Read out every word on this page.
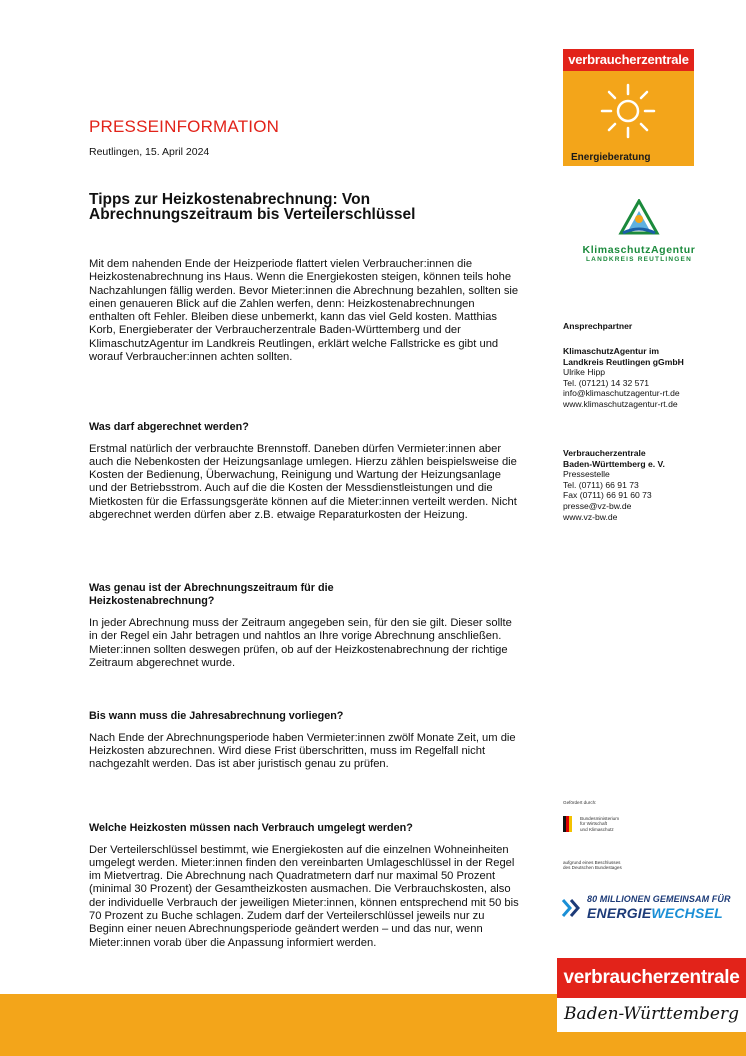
verbraucherzentrale
Energieberatung
KlimaschutzAgentur
LANDKREIS REUTLINGEN
PRESSEINFORMATION
Reutlingen, 15. April 2024
Tipps zur Heizkostenabrechnung: Von Abrechnungszeitraum bis Verteilerschlüssel

Mit dem nahenden Ende der Heizperiode flattert vielen Verbraucher:innen die Heizkostenabrechnung ins Haus. Wenn die Energiekosten steigen, können teils hohe Nachzahlungen fällig werden. Bevor Mieter:innen die Abrechnung bezahlen, sollten sie einen genaueren Blick auf die Zahlen werfen, denn: Heizkostenabrechnungen enthalten oft Fehler. Bleiben diese unbemerkt, kann das viel Geld kosten. Matthias Korb, Energieberater der Verbraucherzentrale Baden-Württemberg und der KlimaschutzAgentur im Landkreis Reutlingen, erklärt welche Fallstricke es gibt und worauf Verbraucher:innen achten sollten.

Was darf abgerechnet werden?

Erstmal natürlich der verbrauchte Brennstoff. Daneben dürfen Vermieter:innen aber auch die Nebenkosten der Heizungsanlage umlegen. Hierzu zählen beispielsweise die Kosten der Bedienung, Überwachung, Reinigung und Wartung der Heizungsanlage und der Betriebsstrom. Auch auf die die Kosten der Messdienstleistungen und die Mietkosten für die Erfassungsgeräte können auf die Mieter:innen verteilt werden. Nicht abgerechnet werden dürfen aber z.B. etwaige Reparaturkosten der Heizung.

Was genau ist der Abrechnungszeitraum für die Heizkostenabrechnung?

In jeder Abrechnung muss der Zeitraum angegeben sein, für den sie gilt. Dieser sollte in der Regel ein Jahr betragen und nahtlos an Ihre vorige Abrechnung anschließen. Mieter:innen sollten deswegen prüfen, ob auf der Heizkostenabrechnung der richtige Zeitraum abgerechnet wurde.

Bis wann muss die Jahresabrechnung vorliegen?

Nach Ende der Abrechnungsperiode haben Vermieter:innen zwölf Monate Zeit, um die Heizkosten abzurechnen. Wird diese Frist überschritten, muss im Regelfall nicht nachgezahlt werden. Das ist aber juristisch genau zu prüfen.

Welche Heizkosten müssen nach Verbrauch umgelegt werden?

Der Verteilerschlüssel bestimmt, wie Energiekosten auf die einzelnen Wohneinheiten umgelegt werden. Mieter:innen finden den vereinbarten Umlageschlüssel in der Regel im Mietvertrag. Die Abrechnung nach Quadratmetern darf nur maximal 50 Prozent (minimal 30 Prozent) der Gesamtheizkosten ausmachen. Die Verbrauchskosten, also der individuelle Verbrauch der jeweiligen Mieter:innen, können entsprechend mit 50 bis 70 Prozent zu Buche schlagen. Zudem darf der Verteilerschlüssel jeweils nur zu Beginn einer neuen Abrechnungsperiode geändert werden – und das nur, wenn Mieter:innen vorab über die Anpassung informiert werden.

Ansprechpartner
KlimaschutzAgentur im
Landkreis Reutlingen gGmbH
Ulrike Hipp
Tel. (07121) 14 32 571
info@klimaschutzagentur-rt.de
www.klimaschutzagentur-rt.de
Verbraucherzentrale
Baden-Württemberg e. V.
Pressestelle
Tel. (0711) 66 91 73
Fax (0711) 66 91 60 73
presse@vz-bw.de
www.vz-bw.de
Gefördert durch:
Bundesministerium
für Wirtschaft
und Klimaschutz
aufgrund eines Beschlusses
des Deutschen Bundestages
80 MILLIONEN GEMEINSAM FÜR
ENERGIEWECHSEL
verbraucherzentrale
Baden-Württemberg
